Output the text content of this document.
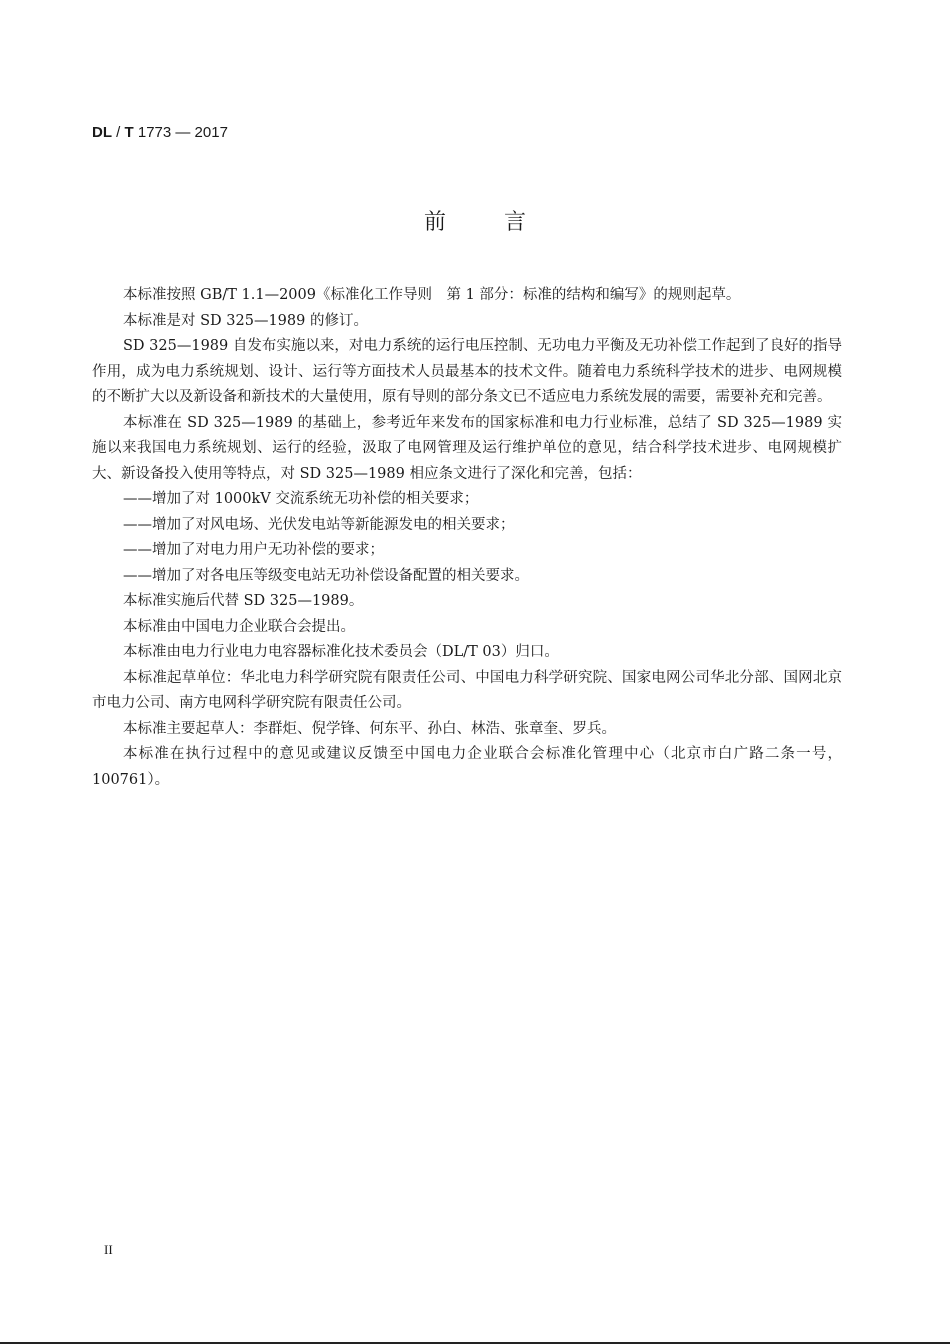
DL / T 1773 — 2017
前言

本标准按照 GB/T 1.1—2009《标准化工作导则　第 1 部分：标准的结构和编写》的规则起草。

本标准是对 SD 325—1989 的修订。

SD 325—1989 自发布实施以来，对电力系统的运行电压控制、无功电力平衡及无功补偿工作起到了良好的指导作用，成为电力系统规划、设计、运行等方面技术人员最基本的技术文件。随着电力系统科学技术的进步、电网规模的不断扩大以及新设备和新技术的大量使用，原有导则的部分条文已不适应电力系统发展的需要，需要补充和完善。

本标准在 SD 325—1989 的基础上，参考近年来发布的国家标准和电力行业标准，总结了 SD 325—1989 实施以来我国电力系统规划、运行的经验，汲取了电网管理及运行维护单位的意见，结合科学技术进步、电网规模扩大、新设备投入使用等特点，对 SD 325—1989 相应条文进行了深化和完善，包括：

——增加了对 1000kV 交流系统无功补偿的相关要求；

——增加了对风电场、光伏发电站等新能源发电的相关要求；

——增加了对电力用户无功补偿的要求；

——增加了对各电压等级变电站无功补偿设备配置的相关要求。

本标准实施后代替 SD 325—1989。

本标准由中国电力企业联合会提出。

本标准由电力行业电力电容器标准化技术委员会（DL/T 03）归口。

本标准起草单位：华北电力科学研究院有限责任公司、中国电力科学研究院、国家电网公司华北分部、国网北京市电力公司、南方电网科学研究院有限责任公司。

本标准主要起草人：李群炬、倪学锋、何东平、孙白、林浩、张章奎、罗兵。

本标准在执行过程中的意见或建议反馈至中国电力企业联合会标准化管理中心（北京市白广路二条一号，100761）。

II
